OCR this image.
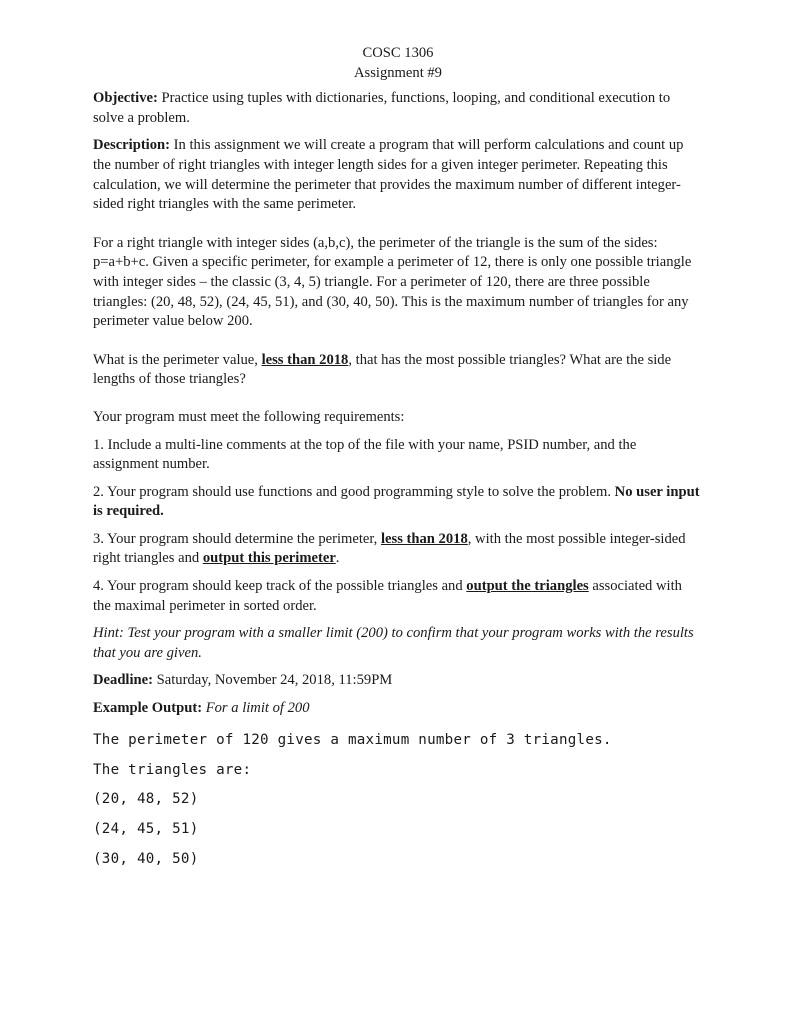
COSC 1306
Assignment #9

Objective: Practice using tuples with dictionaries, functions, looping, and conditional execution to solve a problem.

Description: In this assignment we will create a program that will perform calculations and count up the number of right triangles with integer length sides for a given integer perimeter. Repeating this calculation, we will determine the perimeter that provides the maximum number of different integer-sided right triangles with the same perimeter.

For a right triangle with integer sides (a,b,c), the perimeter of the triangle is the sum of the sides: p=a+b+c. Given a specific perimeter, for example a perimeter of 12, there is only one possible triangle with integer sides – the classic (3, 4, 5) triangle. For a perimeter of 120, there are three possible triangles: (20, 48, 52), (24, 45, 51), and (30, 40, 50). This is the maximum number of triangles for any perimeter value below 200.

What is the perimeter value, less than 2018, that has the most possible triangles? What are the side lengths of those triangles?

Your program must meet the following requirements:

1. Include a multi-line comments at the top of the file with your name, PSID number, and the assignment number.

2. Your program should use functions and good programming style to solve the problem. No user input is required.

3. Your program should determine the perimeter, less than 2018, with the most possible integer-sided right triangles and output this perimeter.

4. Your program should keep track of the possible triangles and output the triangles associated with the maximal perimeter in sorted order.

Hint: Test your program with a smaller limit (200) to confirm that your program works with the results that you are given.

Deadline: Saturday, November 24, 2018, 11:59PM

Example Output: For a limit of 200

The perimeter of 120 gives a maximum number of 3 triangles.
The triangles are:
(20, 48, 52)
(24, 45, 51)
(30, 40, 50)
